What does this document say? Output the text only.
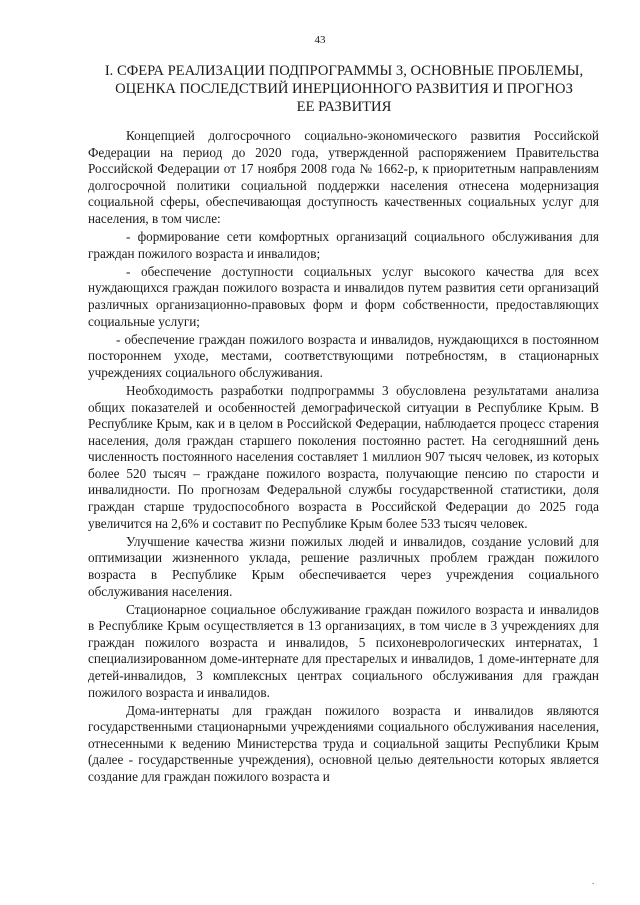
43
I. СФЕРА РЕАЛИЗАЦИИ ПОДПРОГРАММЫ 3, ОСНОВНЫЕ ПРОБЛЕМЫ,
ОЦЕНКА ПОСЛЕДСТВИЙ ИНЕРЦИОННОГО РАЗВИТИЯ И ПРОГНОЗ
ЕЕ РАЗВИТИЯ

Концепцией долгосрочного социально-экономического развития Российской Федерации на период до 2020 года, утвержденной распоряжением Правительства Российской Федерации от 17 ноября 2008 года № 1662-р, к приоритетным направлениям долгосрочной политики социальной поддержки населения отнесена модернизация социальной сферы, обеспечивающая доступность качественных социальных услуг для населения, в том числе:

- формирование сети комфортных организаций социального обслуживания для граждан пожилого возраста и инвалидов;

- обеспечение доступности социальных услуг высокого качества для всех нуждающихся граждан пожилого возраста и инвалидов путем развития сети организаций различных организационно-правовых форм и форм собственности, предоставляющих социальные услуги;

- обеспечение граждан пожилого возраста и инвалидов, нуждающихся в постоянном постороннем уходе, местами, соответствующими потребностям, в стационарных учреждениях социального обслуживания.

Необходимость разработки подпрограммы 3 обусловлена результатами анализа общих показателей и особенностей демографической ситуации в Республике Крым. В Республике Крым, как и в целом в Российской Федерации, наблюдается процесс старения населения, доля граждан старшего поколения постоянно растет. На сегодняшний день численность постоянного населения составляет 1 миллион 907 тысяч человек, из которых более 520 тысяч – граждане пожилого возраста, получающие пенсию по старости и инвалидности. По прогнозам Федеральной службы государственной статистики, доля граждан старше трудоспособного возраста в Российской Федерации до 2025 года увеличится на 2,6% и составит по Республике Крым более 533 тысяч человек.

Улучшение качества жизни пожилых людей и инвалидов, создание условий для оптимизации жизненного уклада, решение различных проблем граждан пожилого возраста в Республике Крым обеспечивается через учреждения социального обслуживания населения.

Стационарное социальное обслуживание граждан пожилого возраста и инвалидов в Республике Крым осуществляется в 13 организациях, в том числе в 3 учреждениях для граждан пожилого возраста и инвалидов, 5 психоневрологических интернатах, 1 специализированном доме-интернате для престарелых и инвалидов, 1 доме-интернате для детей-инвалидов, 3 комплексных центрах социального обслуживания для граждан пожилого возраста и инвалидов.

Дома-интернаты для граждан пожилого возраста и инвалидов являются государственными стационарными учреждениями социального обслуживания населения, отнесенными к ведению Министерства труда и социальной защиты Республики Крым (далее - государственные учреждения), основной целью деятельности которых является создание для граждан пожилого возраста и

.
